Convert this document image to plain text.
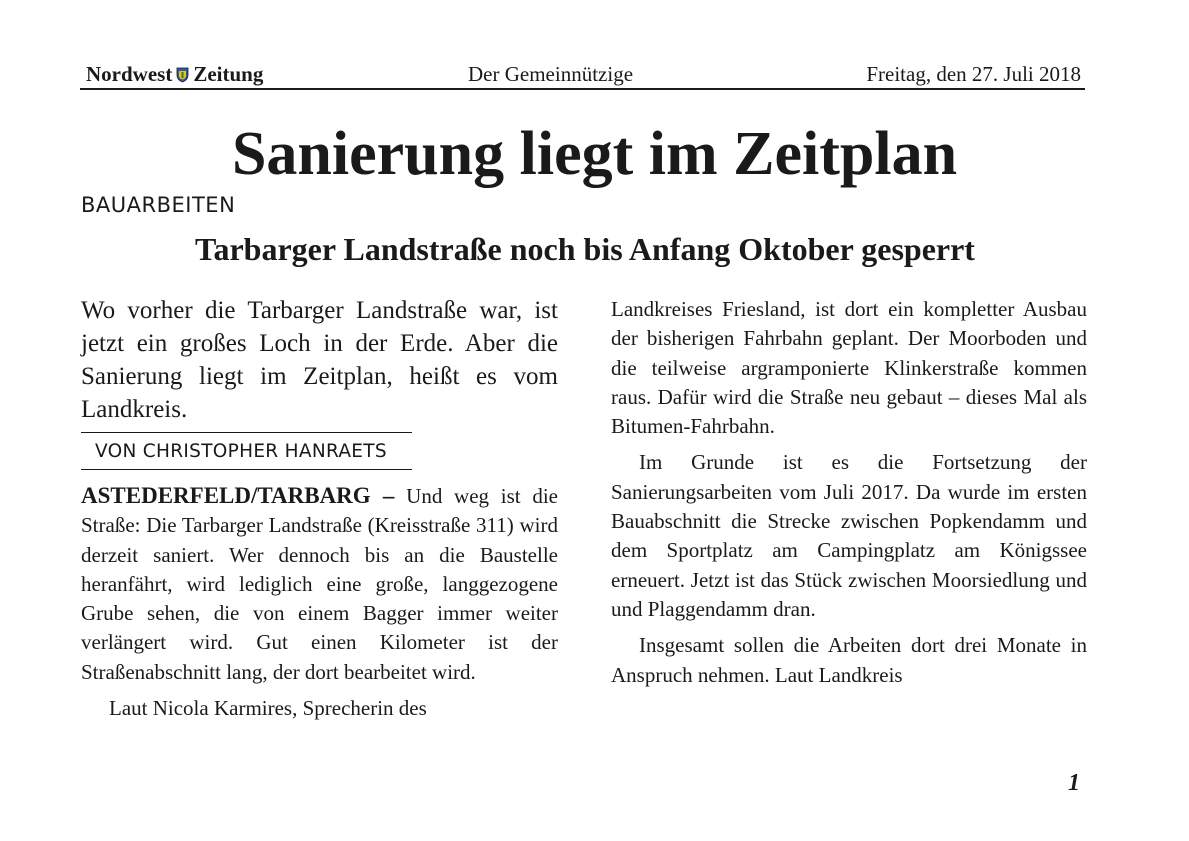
Nordwest Zeitung	Der Gemeinnützige	Freitag, den 27. Juli 2018
Sanierung liegt im Zeitplan
BAUARBEITEN
Tarbarger Landstraße noch bis Anfang Oktober gesperrt
Wo vorher die Tarbarger Landstraße war, ist jetzt ein großes Loch in der Erde. Aber die Sanierung liegt im Zeitplan, heißt es vom Landkreis.
VON CHRISTOPHER HANRAETS

ASTEDERFELD/TARBARG – Und weg ist die Straße: Die Tarbarger Landstraße (Kreisstraße 311) wird derzeit saniert. Wer dennoch bis an die Baustelle heranfährt, wird lediglich eine große, langgezogene Grube sehen, die von einem Bagger immer weiter verlängert wird. Gut einen Kilometer ist der Straßenabschnitt lang, der dort bearbeitet wird.

Laut Nicola Karmires, Sprecherin des

Landkreises Friesland, ist dort ein kompletter Ausbau der bisherigen Fahrbahn geplant. Der Moorboden und die teilweise argramponierte Klinkerstraße kommen raus. Dafür wird die Straße neu gebaut – dieses Mal als Bitumen-Fahrbahn.

Im Grunde ist es die Fortsetzung der Sanierungsarbeiten vom Juli 2017. Da wurde im ersten Bauabschnitt die Strecke zwischen Popkendamm und dem Sportplatz am Campingplatz am Königssee erneuert. Jetzt ist das Stück zwischen Moorsiedlung und und Plaggendamm dran.

Insgesamt sollen die Arbeiten dort drei Monate in Anspruch nehmen. Laut Landkreis

1
